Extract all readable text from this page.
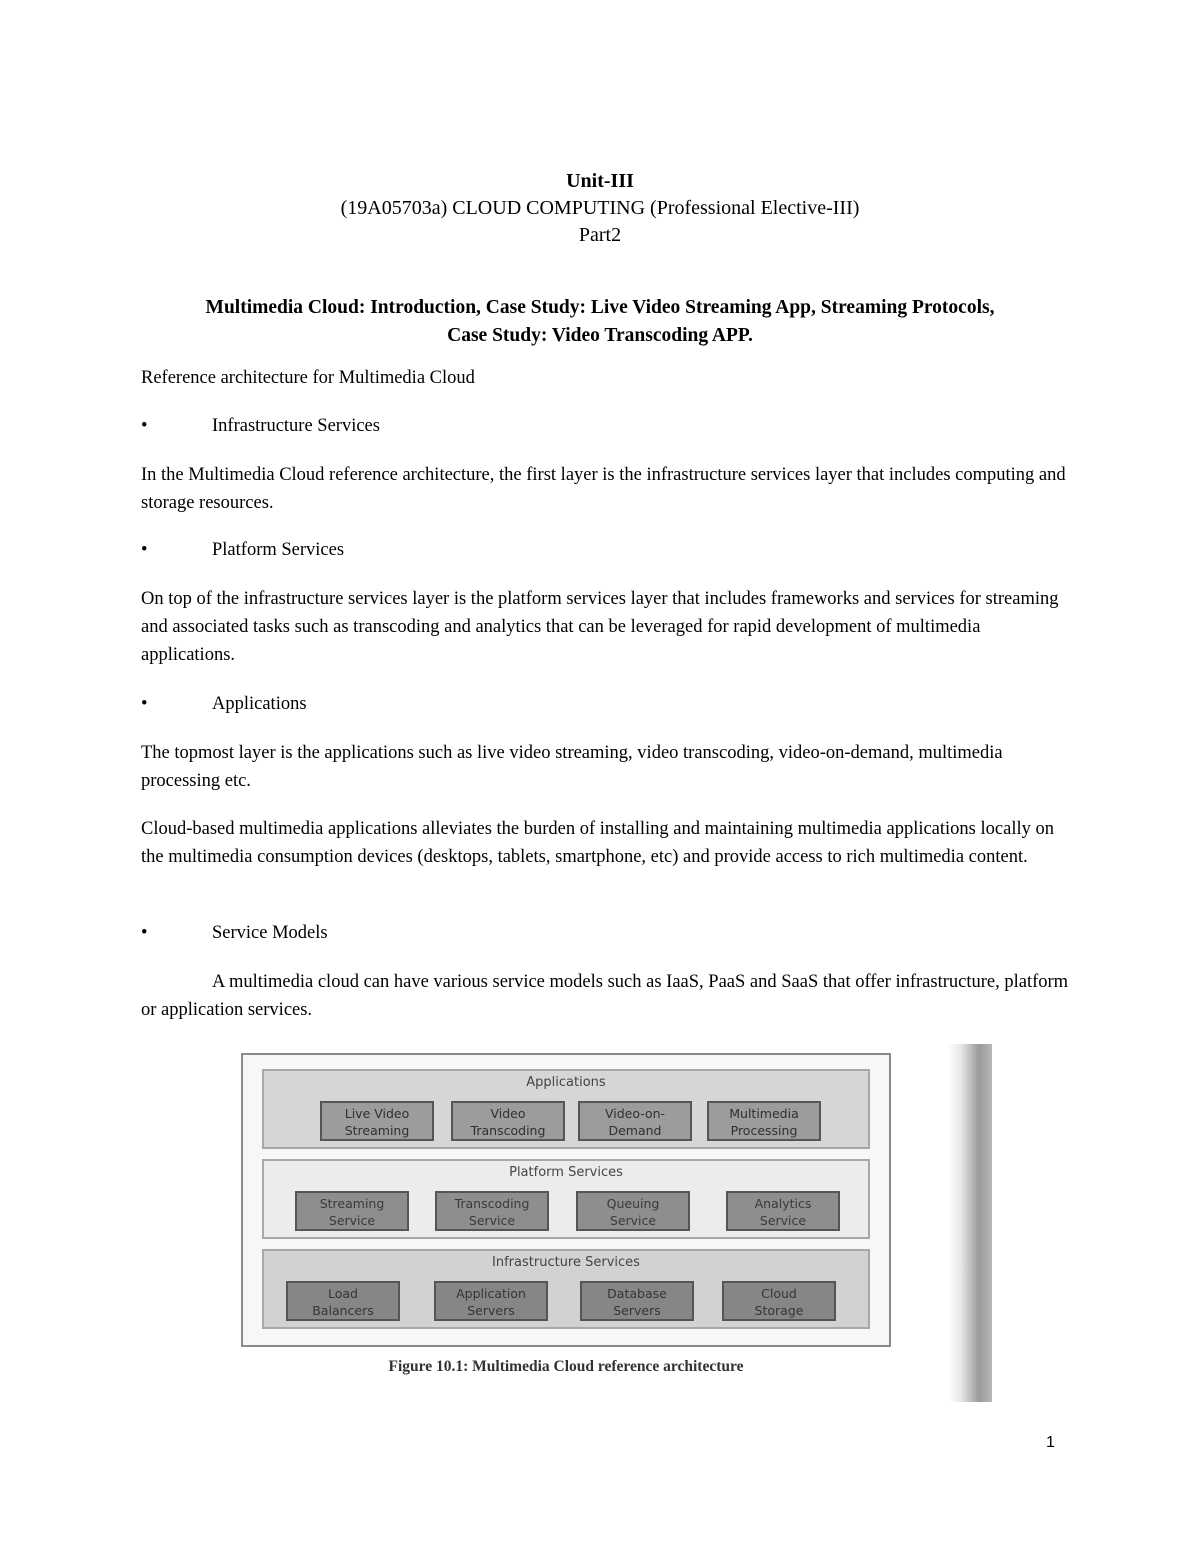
Unit-III
(19A05703a) CLOUD COMPUTING (Professional Elective-III)
Part2
Multimedia Cloud: Introduction, Case Study: Live Video Streaming App, Streaming Protocols,
Case Study: Video Transcoding APP.

Reference architecture for Multimedia Cloud

•	Infrastructure Services

In the Multimedia Cloud reference architecture, the first layer is the infrastructure services layer that includes computing and storage resources.

•	Platform Services

On top of the infrastructure services layer is the platform services layer that includes frameworks and services for streaming and associated tasks such as transcoding and analytics that can be leveraged for rapid development of multimedia applications.

•	Applications

The topmost layer is the applications such as live video streaming, video transcoding, video-on-demand, multimedia processing etc.

Cloud-based multimedia applications alleviates the burden of installing and maintaining multimedia applications locally on the multimedia consumption devices (desktops, tablets, smartphone, etc) and provide access to rich multimedia content.

•	Service Models

A multimedia cloud can have various service models such as IaaS, PaaS and SaaS that offer infrastructure, platform or application services.

Applications
Live Video
Streaming
Video
Transcoding
Video-on-
Demand
Multimedia
Processing
Platform Services
Streaming
Service
Transcoding
Service
Queuing
Service
Analytics
Service
Infrastructure Services
Load
Balancers
Application
Servers
Database
Servers
Cloud
Storage
Figure 10.1: Multimedia Cloud reference architecture
1
